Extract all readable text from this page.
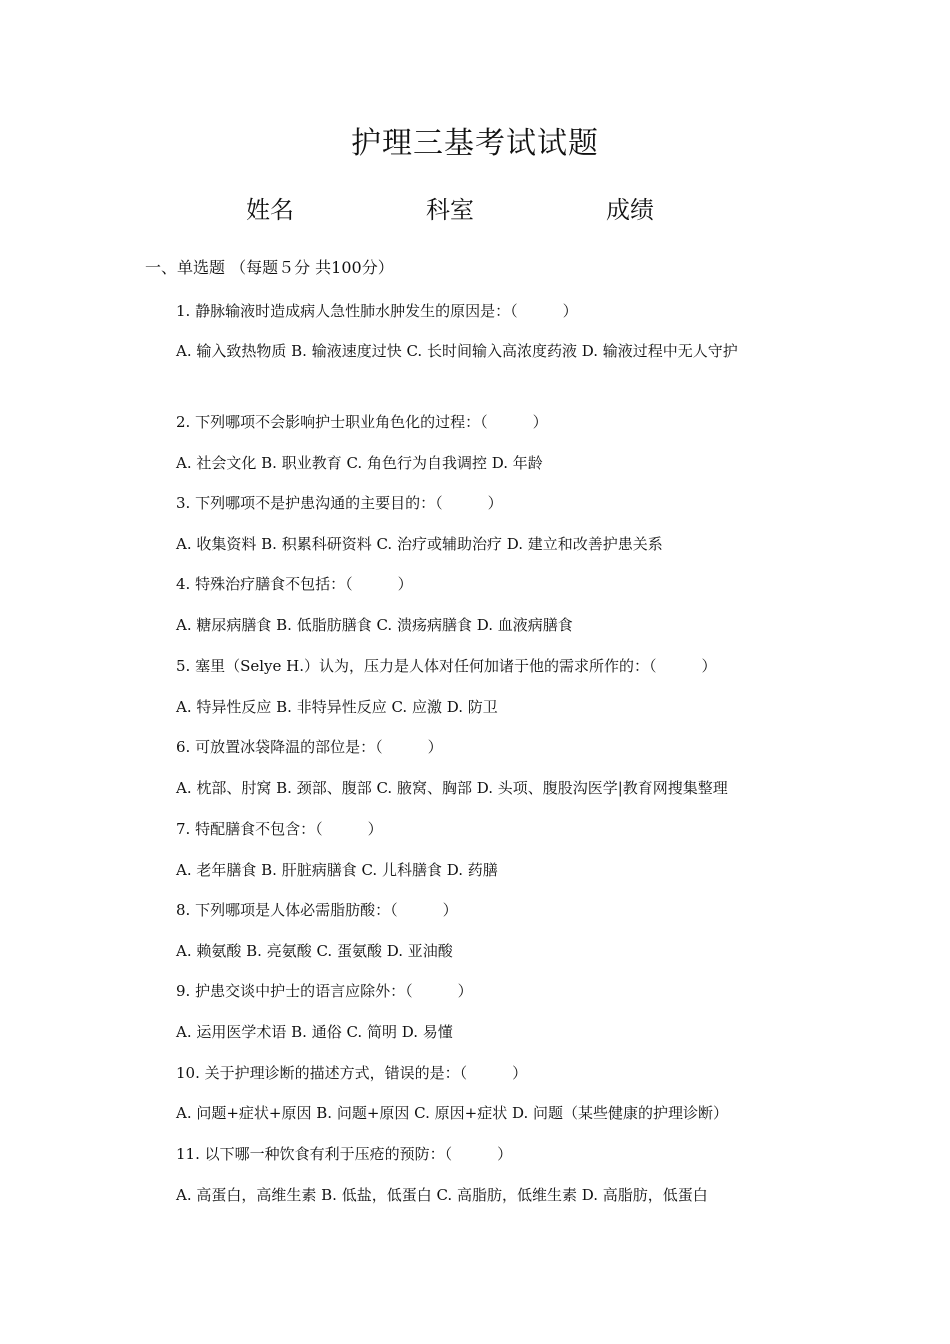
护理三基考试试题
姓名	科室	成绩
一、单选题 （每题５分 共100分）
1. 静脉输液时造成病人急性肺水肿发生的原因是：（　　　）
A. 输入致热物质 B. 输液速度过快 C. 长时间输入高浓度药液 D. 输液过程中无人守护
2. 下列哪项不会影响护士职业角色化的过程：（　　　）
A. 社会文化 B. 职业教育 C. 角色行为自我调控 D. 年龄
3. 下列哪项不是护患沟通的主要目的：（　　　）
A. 收集资料 B. 积累科研资料 C. 治疗或辅助治疗 D. 建立和改善护患关系
4. 特殊治疗膳食不包括：（　　　）
A. 糖尿病膳食 B. 低脂肪膳食 C. 溃疡病膳食 D. 血液病膳食
5. 塞里（Selye H.）认为，压力是人体对任何加诸于他的需求所作的：（　　　）
A. 特异性反应 B. 非特异性反应 C. 应激 D. 防卫
6. 可放置冰袋降温的部位是：（　　　）
A. 枕部、肘窝 B. 颈部、腹部 C. 腋窝、胸部 D. 头项、腹股沟医学|教育网搜集整理
7. 特配膳食不包含：（　　　）
A. 老年膳食 B. 肝脏病膳食 C. 儿科膳食 D. 药膳
8. 下列哪项是人体必需脂肪酸：（　　　）
A. 赖氨酸 B. 亮氨酸 C. 蛋氨酸 D. 亚油酸
9. 护患交谈中护士的语言应除外：（　　　）
A. 运用医学术语 B. 通俗 C. 简明 D. 易懂
10. 关于护理诊断的描述方式，错误的是：（　　　）
A. 问题+症状+原因 B. 问题+原因 C. 原因+症状 D. 问题（某些健康的护理诊断）
11. 以下哪一种饮食有利于压疮的预防：（　　　）
A. 高蛋白，高维生素 B. 低盐，低蛋白 C. 高脂肪，低维生素 D. 高脂肪，低蛋白
